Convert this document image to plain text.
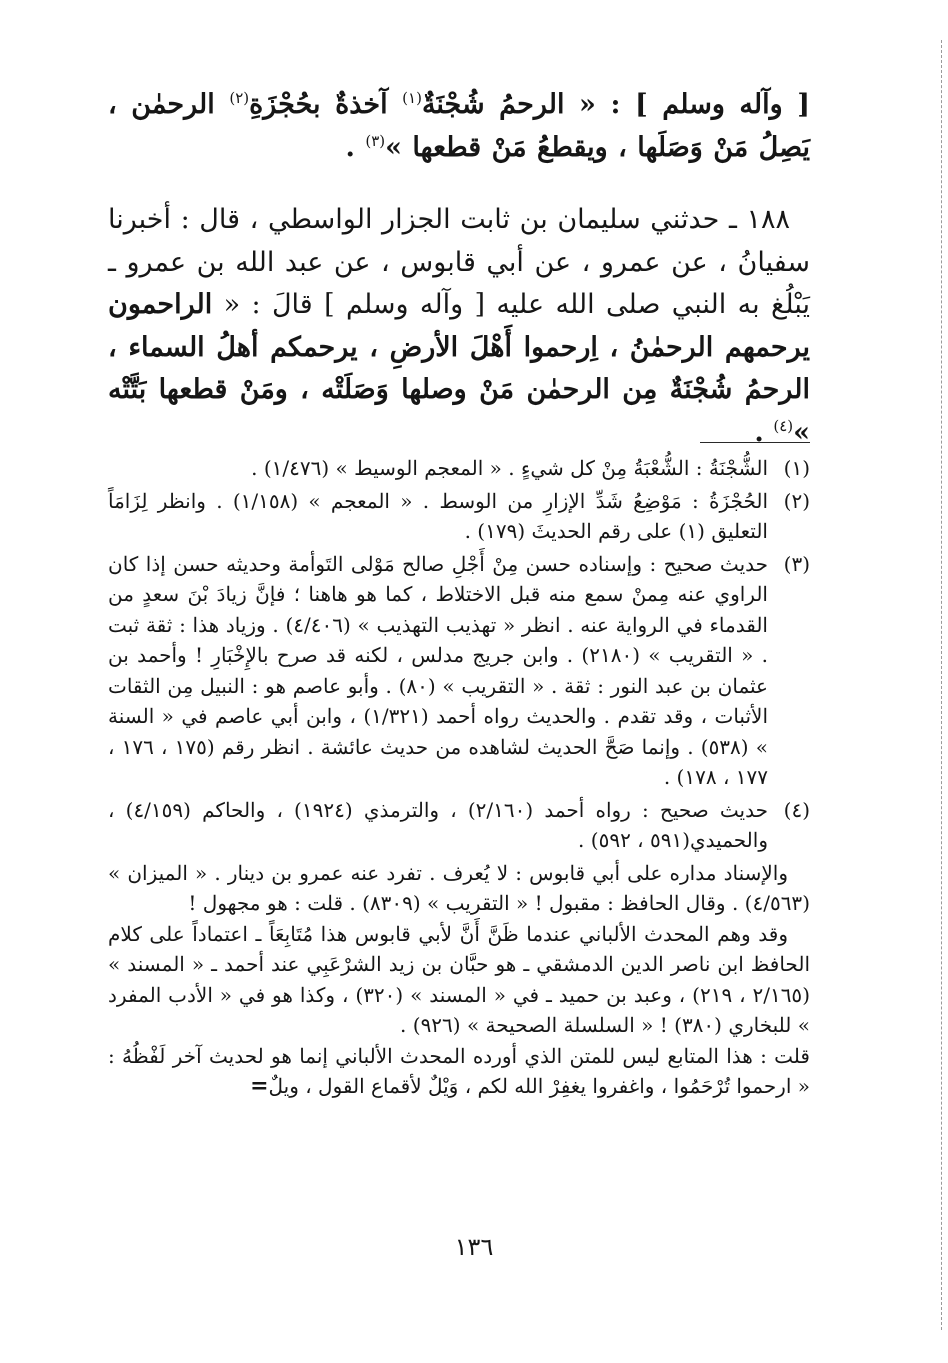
[ وآله وسلم ] : « الرحمُ شُجْنَةٌ$^{(١)}$ آخذةٌ بحُجْزَةِ$^{(٢)}$ الرحمٰن ، يَصِلُ مَنْ وَصَلَها ، ويقطعُ مَنْ قطعها »$^{(٣)}$ .

١٨٨ ـ حدثني سليمان بن ثابت الجزار الواسطي ، قال : أخبرنا سفيانُ ، عن عمرو ، عن أبي قابوس ، عن عبد الله بن عمرو ـ يَبْلُغ به النبي صلى الله عليه [ وآله وسلم ] قالَ : « الراحمون يرحمهم الرحمٰنُ ، اِرحموا أَهْلَ الأرضِ ، يرحمكم أهلُ السماء ، الرحمُ شُجْنَةٌ مِن الرحمٰن مَنْ وصلها وَصَلَتْه ، ومَنْ قطعها بَتَّتْه »$^{(٤)}$ .

(١)

الشُّجْنَةُ : الشُّعْبَةُ مِنْ كل شيءٍ . « المعجم الوسيط » (١/٤٧٦) .

(٢)

الحُجْزَةُ : مَوْضِعُ شَدِّ الإزارِ من الوسط . « المعجم » (١/١٥٨) . وانظر لِزَامَاً التعليق (١) على رقم الحديثَ (١٧٩) .

(٣)

حديث صحيح : وإسناده حسن مِنْ أَجْلِ صالح مَوْلى التَوأمة وحديثه حسن إذا كان الراوي عنه مِمنْ سمع منه قبل الاختلاط ، كما هو هاهنا ؛ فإنَّ زيادَ بْنَ سعدٍ من القدماء في الرواية عنه . انظر « تهذيب التهذيب » (٤/٤٠٦) . وزياد هذا : ثقة ثبت . « التقريب » (٢١٨٠) . وابن جريج مدلس ، لكنه قد صرح بالإِخْبَارِ ! وأحمد بن عثمان بن عبد النور : ثقة . « التقريب » (٨٠) . وأبو عاصم هو : النبيل مِن الثقات الأثبات ، وقد تقدم . والحديث رواه أحمد (١/٣٢١) ، وابن أبي عاصم في « السنة » (٥٣٨) . وإنما صَحَّ الحديث لشاهده من حديث عائشة . انظر رقم (١٧٥ ، ١٧٦ ، ١٧٧ ، ١٧٨) .

(٤)

حديث صحيح : رواه أحمد (٢/١٦٠) ، والترمذي (١٩٢٤) ، والحاكم (٤/١٥٩) ، والحميدي(٥٩١ ، ٥٩٢) .

والإسناد مداره على أبي قابوس : لا يُعرف . تفرد عنه عمرو بن دينار . « الميزان » (٤/٥٦٣) . وقال الحافظ : مقبول ! « التقريب » (٨٣٠٩) . قلت : هو مجهول !

وقد وهم المحدث الألباني عندما ظَنَّ أَنَّ لأبي قابوس هذا مُتَابِعَاً ـ اعتماداً على كلام الحافظ ابن ناصر الدين الدمشقي ـ هو حبَّان بن زيد الشرْعَبِي عند أحمد ـ « المسند » (٢/١٦٥ ، ٢١٩) ، وعبد بن حميد ـ في « المسند » (٣٢٠) ، وكذا هو في « الأدب المفرد » للبخاري (٣٨٠) ! « السلسلة الصحيحة » (٩٢٦) .

قلت : هذا المتابع ليس للمتن الذي أورده المحدث الألباني إنما هو لحديث آخر لَفْظُهُ : « ارحموا تُرْحَمُوا ، واغفروا يغفِرْ الله لكم ، وَيْلٌ لأقماع القول ، ويلٌ=

١٣٦
